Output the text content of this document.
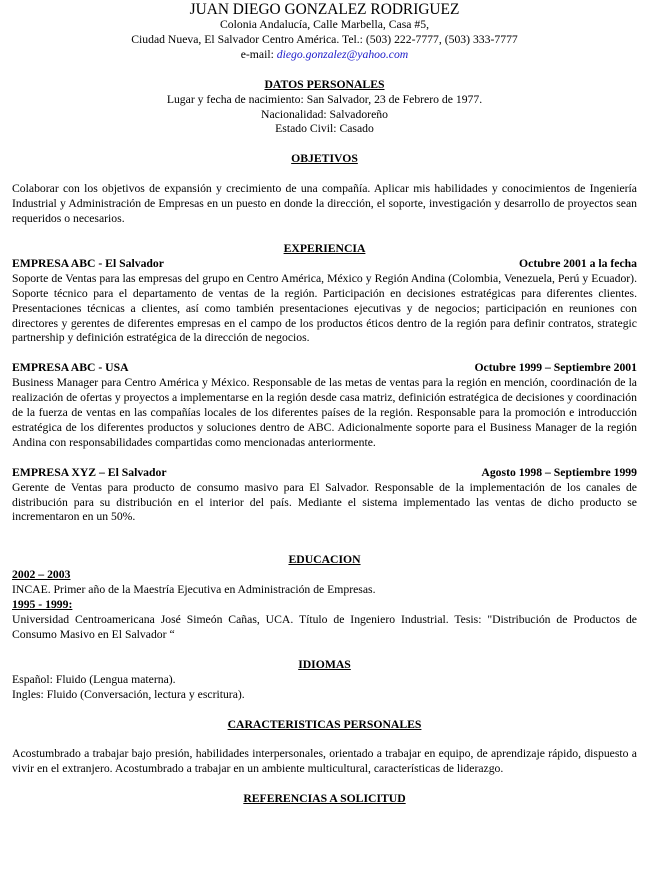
JUAN DIEGO GONZALEZ RODRIGUEZ
Colonia Andalucía, Calle Marbella, Casa #5,
Ciudad Nueva, El Salvador Centro América. Tel.: (503) 222-7777, (503) 333-7777
e-mail: diego.gonzalez@yahoo.com
DATOS PERSONALES
Lugar y fecha de nacimiento: San Salvador, 23 de Febrero de 1977.
Nacionalidad: Salvadoreño
Estado Civil: Casado
OBJETIVOS
Colaborar con los objetivos de expansión y crecimiento de una compañía. Aplicar mis habilidades y conocimientos de Ingeniería Industrial y Administración de Empresas en un puesto en donde la dirección, el soporte, investigación y desarrollo de proyectos sean requeridos o necesarios.
EXPERIENCIA
EMPRESA ABC - El Salvador	Octubre 2001 a la fecha
Soporte de Ventas para las empresas del grupo en Centro América, México y Región Andina (Colombia, Venezuela, Perú y Ecuador). Soporte técnico para el departamento de ventas de la región. Participación en decisiones estratégicas para diferentes clientes. Presentaciones técnicas a clientes, así como también presentaciones ejecutivas y de negocios; participación en reuniones con directores y gerentes de diferentes empresas en el campo de los productos éticos dentro de la región para definir contratos, strategic partnership y definición estratégica de la dirección de negocios.
EMPRESA ABC - USA	Octubre 1999 – Septiembre 2001
Business Manager para Centro América y México. Responsable de las metas de ventas para la región en mención, coordinación de la realización de ofertas y proyectos a implementarse en la región desde casa matriz, definición estratégica de decisiones y coordinación de la fuerza de ventas en las compañías locales de los diferentes países de la región. Responsable para la promoción e introducción estratégica de los diferentes productos y soluciones dentro de ABC. Adicionalmente soporte para el Business Manager de la región Andina con responsabilidades compartidas como mencionadas anteriormente.
EMPRESA XYZ – El Salvador	Agosto 1998 – Septiembre 1999
Gerente de Ventas para producto de consumo masivo para El Salvador. Responsable de la implementación de los canales de distribución para su distribución en el interior del país. Mediante el sistema implementado las ventas de dicho producto se incrementaron en un 50%.
EDUCACION
2002 – 2003
INCAE. Primer año de la Maestría Ejecutiva en Administración de Empresas.
1995 - 1999:
Universidad Centroamericana José Simeón Cañas, UCA. Título de Ingeniero Industrial. Tesis: "Distribución de Productos de Consumo Masivo en El Salvador “
IDIOMAS
Español: Fluido (Lengua materna).
Ingles: Fluido (Conversación, lectura y escritura).
CARACTERISTICAS PERSONALES
Acostumbrado a trabajar bajo presión, habilidades interpersonales, orientado a trabajar en equipo, de aprendizaje rápido, dispuesto a vivir en el extranjero. Acostumbrado a trabajar en un ambiente multicultural, características de liderazgo.
REFERENCIAS A SOLICITUD
